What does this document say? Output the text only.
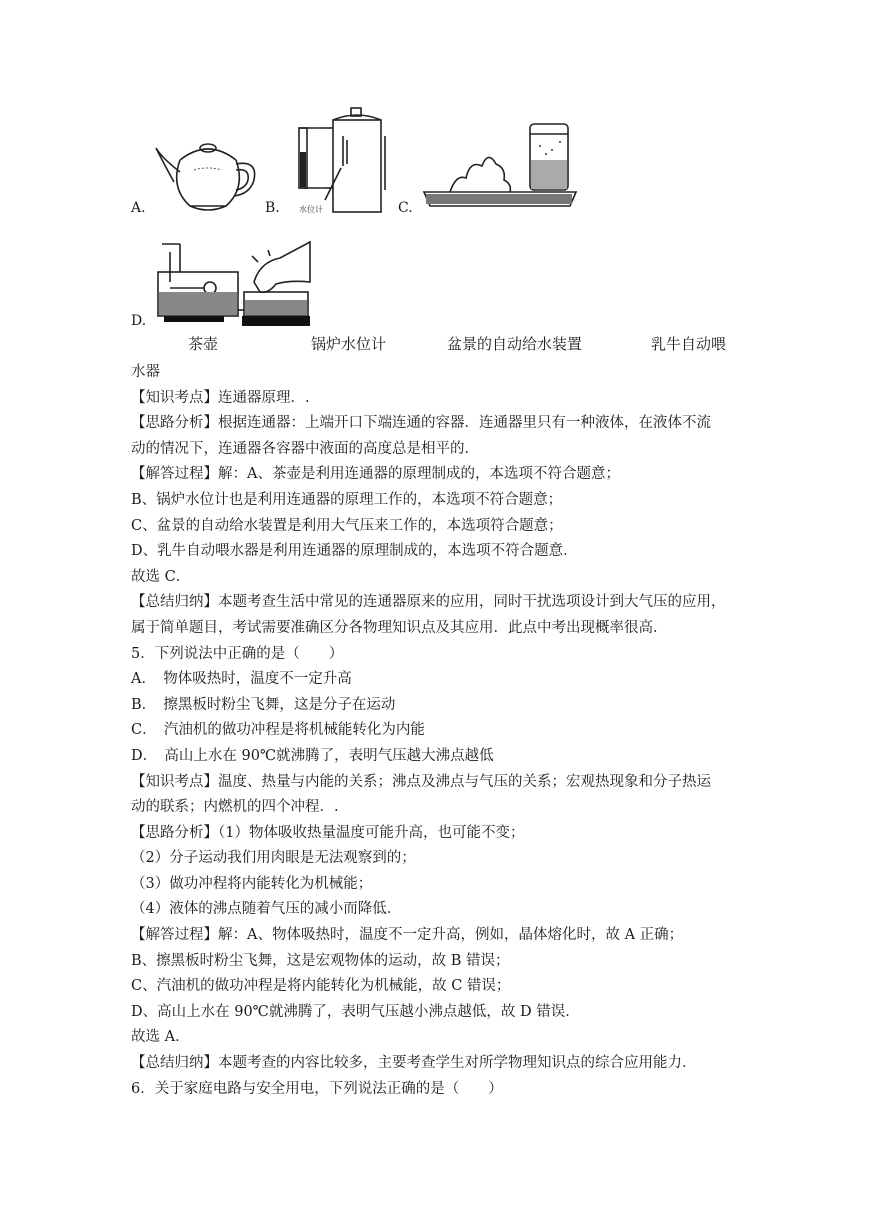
A.	B. 水位计	C.
D.
茶壶	锅炉水位计	盆景的自动给水装置	乳牛自动喂
水器
【知识考点】连通器原理．.
【思路分析】根据连通器：上端开口下端连通的容器．连通器里只有一种液体，在液体不流
动的情况下，连通器各容器中液面的高度总是相平的．
【解答过程】解：A、茶壶是利用连通器的原理制成的，本选项不符合题意；
B、锅炉水位计也是利用连通器的原理工作的，本选项不符合题意；
C、盆景的自动给水装置是利用大气压来工作的，本选项符合题意；
D、乳牛自动喂水器是利用连通器的原理制成的，本选项不符合题意．
故选 C．
【总结归纳】本题考查生活中常见的连通器原来的应用，同时干扰选项设计到大气压的应用，
属于简单题目，考试需要准确区分各物理知识点及其应用．此点中考出现概率很高．
5．下列说法中正确的是（　　）
A．　物体吸热时，温度不一定升高
B．　擦黑板时粉尘飞舞，这是分子在运动
C．　汽油机的做功冲程是将机械能转化为内能
D．　高山上水在 90℃就沸腾了，表明气压越大沸点越低
【知识考点】温度、热量与内能的关系；沸点及沸点与气压的关系；宏观热现象和分子热运
动的联系；内燃机的四个冲程．.
【思路分析】（1）物体吸收热量温度可能升高，也可能不变；
（2）分子运动我们用肉眼是无法观察到的；
（3）做功冲程将内能转化为机械能；
（4）液体的沸点随着气压的减小而降低．
【解答过程】解：A、物体吸热时，温度不一定升高，例如，晶体熔化时，故 A 正确；
B、擦黑板时粉尘飞舞，这是宏观物体的运动，故 B 错误；
C、汽油机的做功冲程是将内能转化为机械能，故 C 错误；
D、高山上水在 90℃就沸腾了，表明气压越小沸点越低，故 D 错误．
故选 A．
【总结归纳】本题考查的内容比较多，主要考查学生对所学物理知识点的综合应用能力．
6．关于家庭电路与安全用电，下列说法正确的是（　　）
